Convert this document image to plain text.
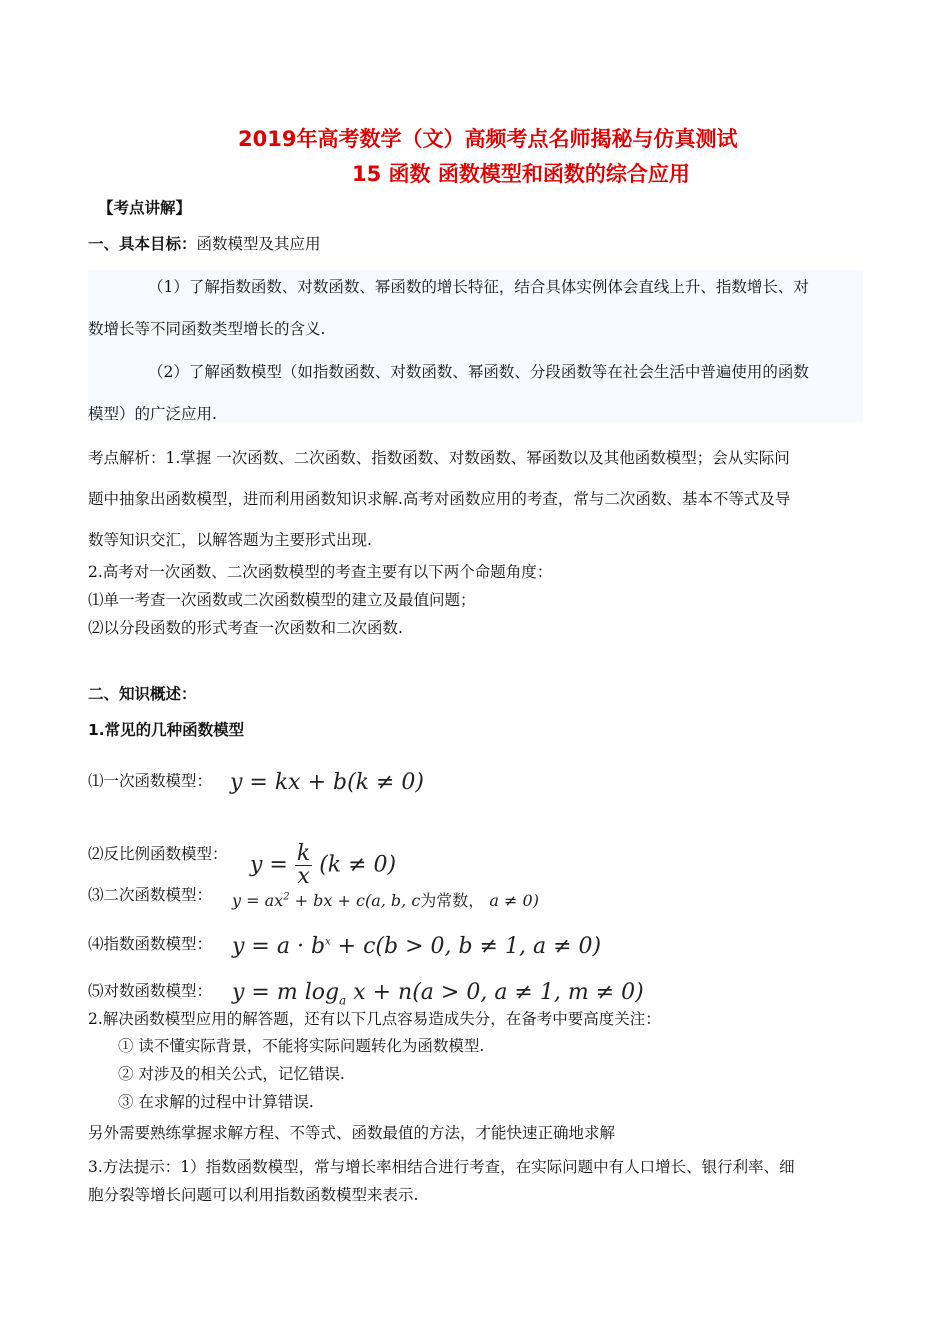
2019年高考数学（文）高频考点名师揭秘与仿真测试
15 函数 函数模型和函数的综合应用
【考点讲解】
一、具本目标：函数模型及其应用
（1）了解指数函数、对数函数、幂函数的增长特征，结合具体实例体会直线上升、指数增长、对
数增长等不同函数类型增长的含义.
（2）了解函数模型（如指数函数、对数函数、幂函数、分段函数等在社会生活中普遍使用的函数
模型）的广泛应用.
考点解析：1.掌握 一次函数、二次函数、指数函数、对数函数、幂函数以及其他函数模型；会从实际问
题中抽象出函数模型，进而利用函数知识求解.高考对函数应用的考查，常与二次函数、基本不等式及导
数等知识交汇，以解答题为主要形式出现.
2.高考对一次函数、二次函数模型的考查主要有以下两个命题角度：
⑴单一考查一次函数或二次函数模型的建立及最值问题；
⑵以分段函数的形式考查一次函数和二次函数.
二、知识概述：
1.常见的几种函数模型
⑴一次函数模型： y = kx + b(k ≠ 0)
⑵反比例函数模型： $y = \frac{k}{x} (k \ne 0)$
⑶二次函数模型： $y = ax^2$ + bx + c(a, b, c为常数， a ≠ 0)
⑷指数函数模型： $y = a \cdot b^x + c(b > 0$, b ≠ 1, a ≠ 0)
⑸对数函数模型： y = m $\log_a x + n(a > 0$, a ≠ 1, m ≠ 0)
2.解决函数模型应用的解答题，还有以下几点容易造成失分，在备考中要高度关注：
① 读不懂实际背景，不能将实际问题转化为函数模型.
② 对涉及的相关公式，记忆错误.
③ 在求解的过程中计算错误.
另外需要熟练掌握求解方程、不等式、函数最值的方法，才能快速正确地求解
3.方法提示：1）指数函数模型，常与增长率相结合进行考查，在实际问题中有人口增长、银行利率、细
胞分裂等增长问题可以利用指数函数模型来表示.
